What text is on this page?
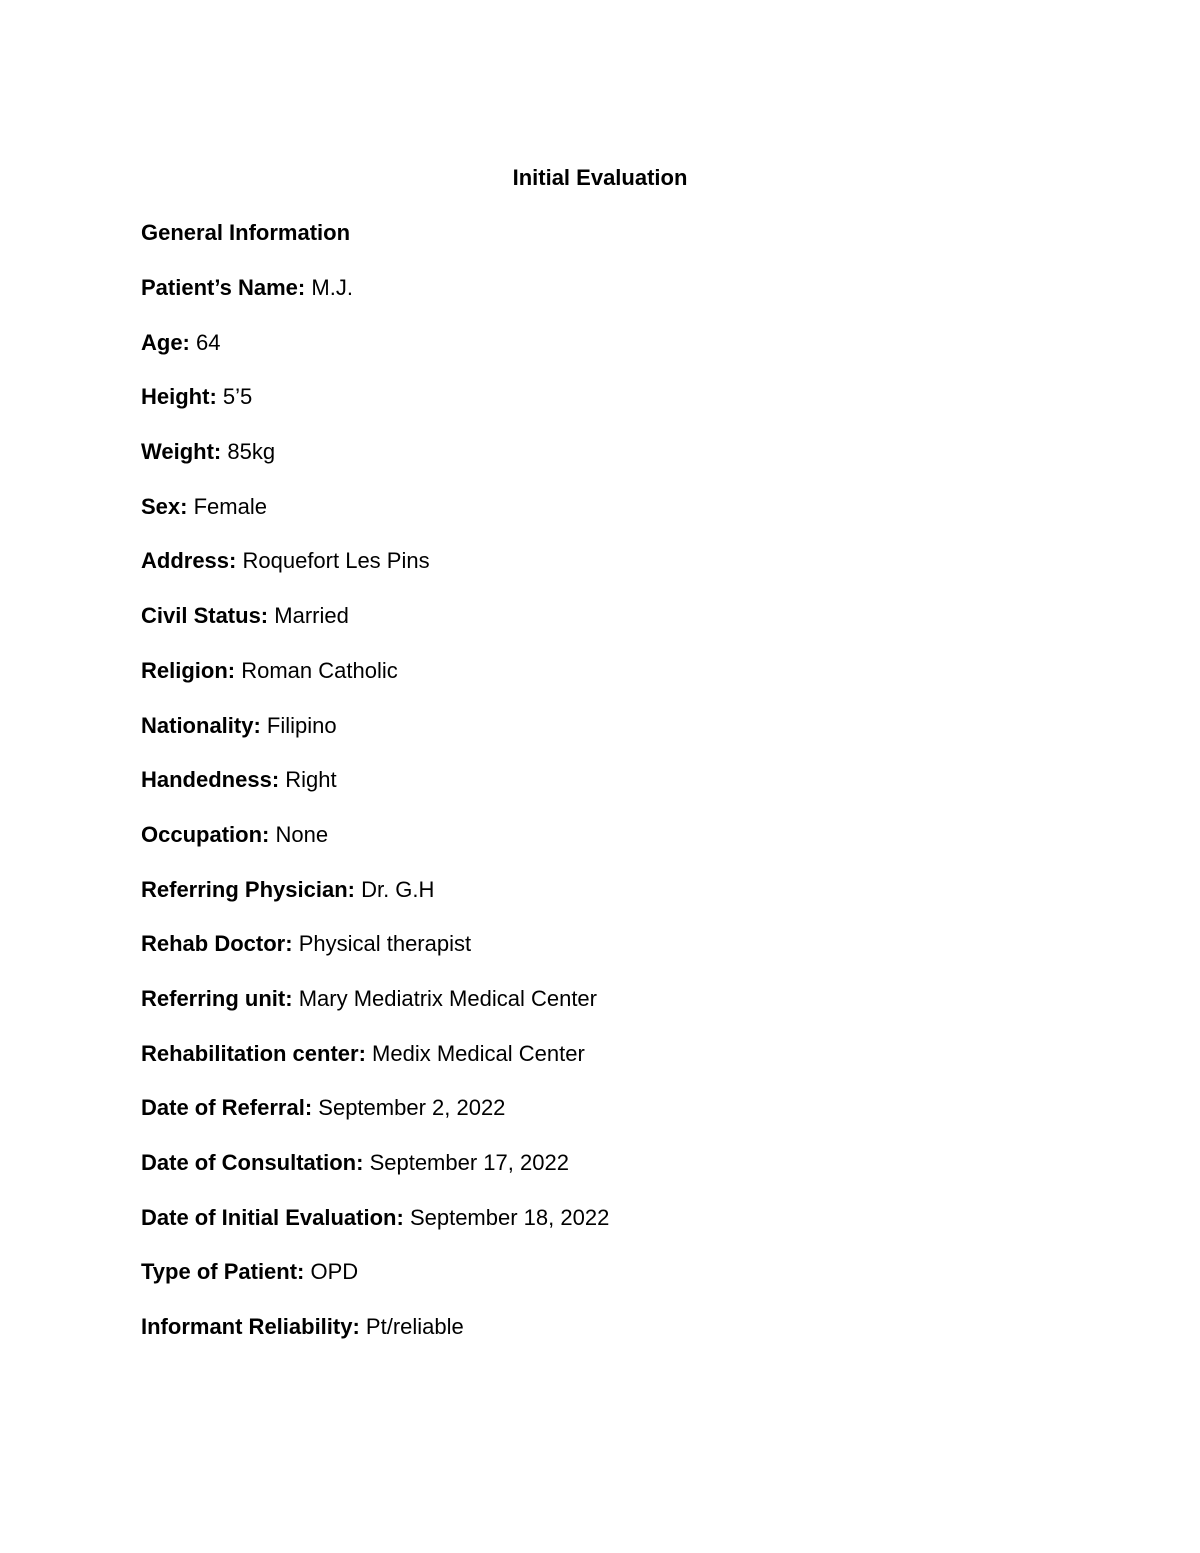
Initial Evaluation
General Information
Patient’s Name: M.J.
Age: 64
Height: 5’5
Weight: 85kg
Sex: Female
Address: Roquefort Les Pins
Civil Status: Married
Religion: Roman Catholic
Nationality: Filipino
Handedness: Right
Occupation: None
Referring Physician: Dr. G.H
Rehab Doctor: Physical therapist
Referring unit: Mary Mediatrix Medical Center
Rehabilitation center: Medix Medical Center
Date of Referral: September 2, 2022
Date of Consultation: September 17, 2022
Date of Initial Evaluation: September 18, 2022
Type of Patient: OPD
Informant Reliability: Pt/reliable
